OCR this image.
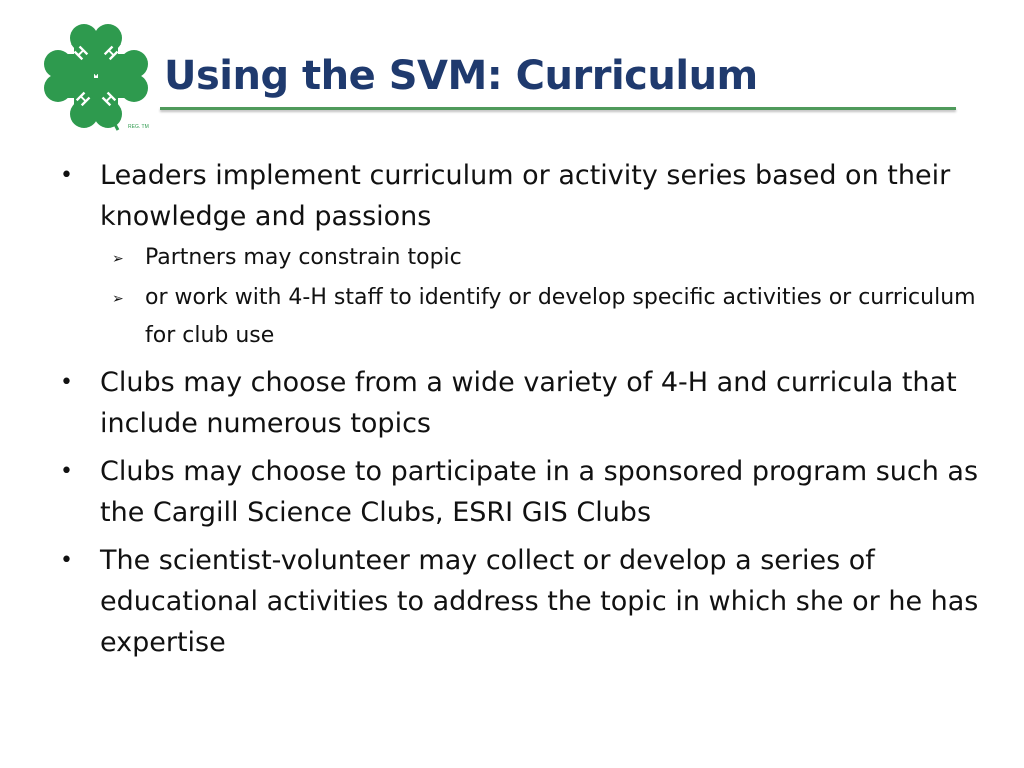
H H
H H
REG. TM
Using the SVM: Curriculum
• Leaders implement curriculum or activity series based on their knowledge and passions
➢ Partners may constrain topic
➢ or work with 4-H staff to identify or develop specific activities or curriculum for club use
• Clubs may choose from a wide variety of 4-H and curricula that include numerous topics
• Clubs may choose to participate in a sponsored program such as the Cargill Science Clubs, ESRI GIS Clubs
• The scientist-volunteer may collect or develop a series of educational activities to address the topic in which she or he has expertise
